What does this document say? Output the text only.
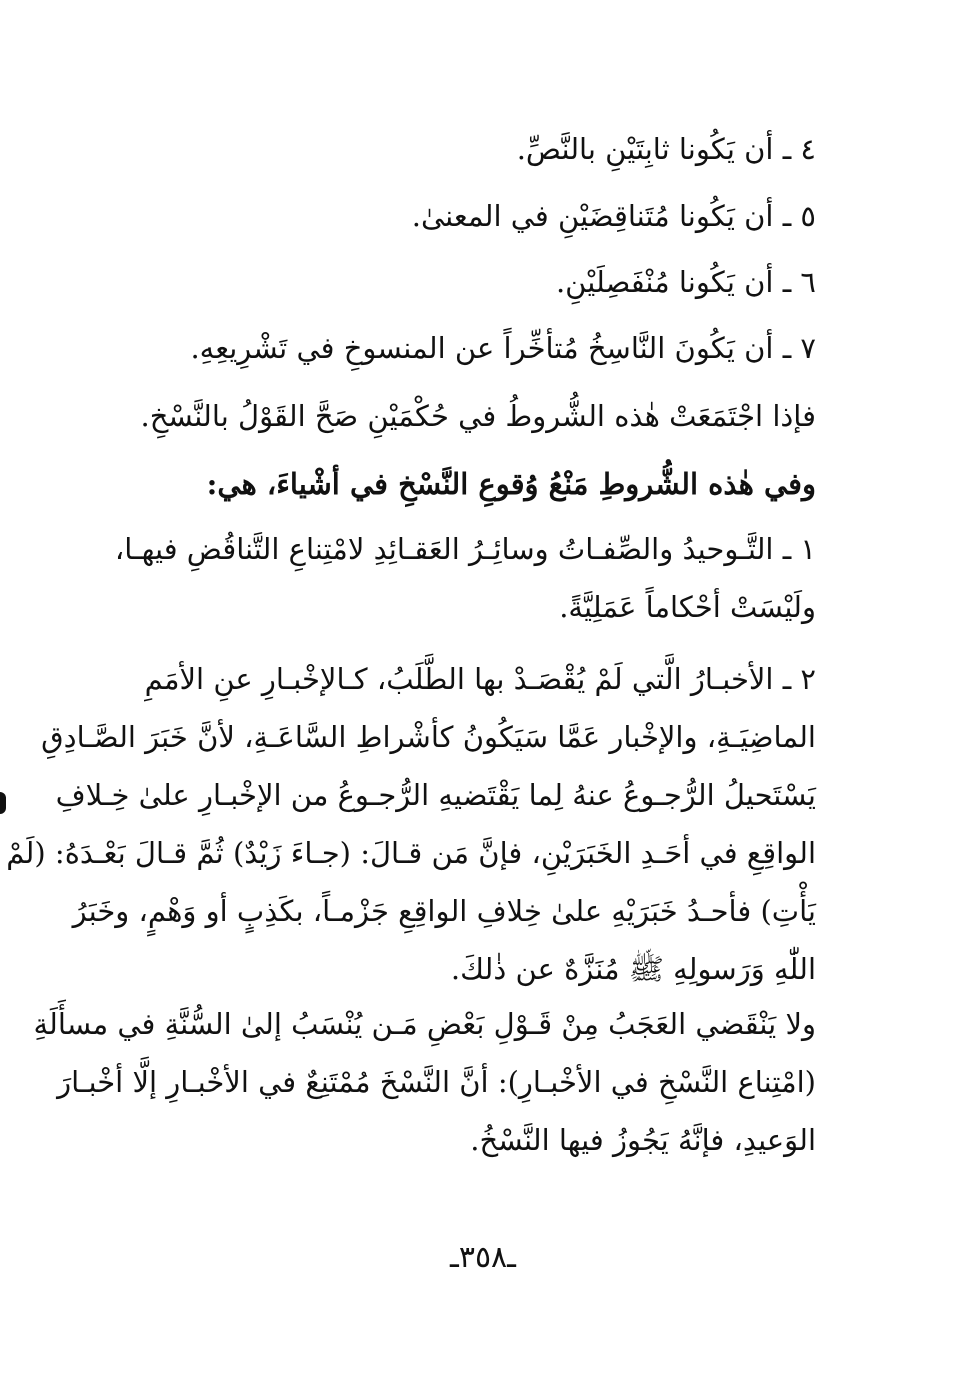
٤ ـ أن يَكُونا ثابِتَيْنِ بالنَّصِّ.
٥ ـ أن يَكُونا مُتَناقِضَيْنِ في المعنىٰ.
٦ ـ أن يَكُونا مُنْفَصِلَيْنِ.
٧ ـ أن يَكُونَ النَّاسِخُ مُتأخِّراً عن المنسوخِ في تَشْرِيعِهِ.
فإذا اجْتَمَعَتْ هٰذه الشُّروطُ في حُكْمَيْنِ صَحَّ القَوْلُ بالنَّسْخِ.
وفي هٰذه الشُّروطِ مَنْعُ وُقوعِ النَّسْخِ في أشْياءَ، هي:
١ ـ التَّـوحيدُ والصِّفـاتُ وسائِـرُ العَقـائِدِ لامْتِناعِ التَّناقُضِ فيهـا،
ولَيْسَتْ أحْكاماً عَمَلِيَّةً.
٢ ـ الأخبـارُ الَّتي لَمْ يُقْصَـدْ بها الطَّلَبُ، كـالإخْبـارِ عنِ الأمَمِ
الماضِيَـةِ، والإخْبار عَمَّا سَيَكُونُ كأشْراطِ السَّاعَـةِ، لأنَّ خَبَرَ الصَّـادِقِ
يَسْتَحيلُ الرُّجـوعُ عنهُ لِما يَقْتَضيهِ الرُّجـوعُ من الإخْبـارِ علىٰ خِـلافِ
الواقِعِ في أحَـدِ الخَبَرَيْنِ، فإنَّ مَن قـالَ: (جـاءَ زَيْدٌ) ثُمَّ قـالَ بَعْـدَهُ: (لَمْ
يَأْتِ) فأحـدُ خَبَرَيْهِ علىٰ خِلافِ الواقِعِ جَزْمـاً، بكَذِبٍ أو وَهْمٍ، وخَبَرُ
اللّٰهِ وَرَسولِهِ ﷺ مُنَزَّهٌ عن ذٰلكَ.
ولا يَنْقَضي العَجَبُ مِنْ قَـوْلِ بَعْضِ مَـن يُنْسَبُ إلىٰ السُّنَّةِ في مسأَلَةِ
(امْتِناع النَّسْخِ في الأخْبـارِ): أنَّ النَّسْخَ مُمْتَنِعٌ في الأخْبـارِ إلَّا أخْبـارَ
الوَعيدِ، فإنَّهُ يَجُوزُ فيها النَّسْخُ.
ـ٣٥٨ـ
